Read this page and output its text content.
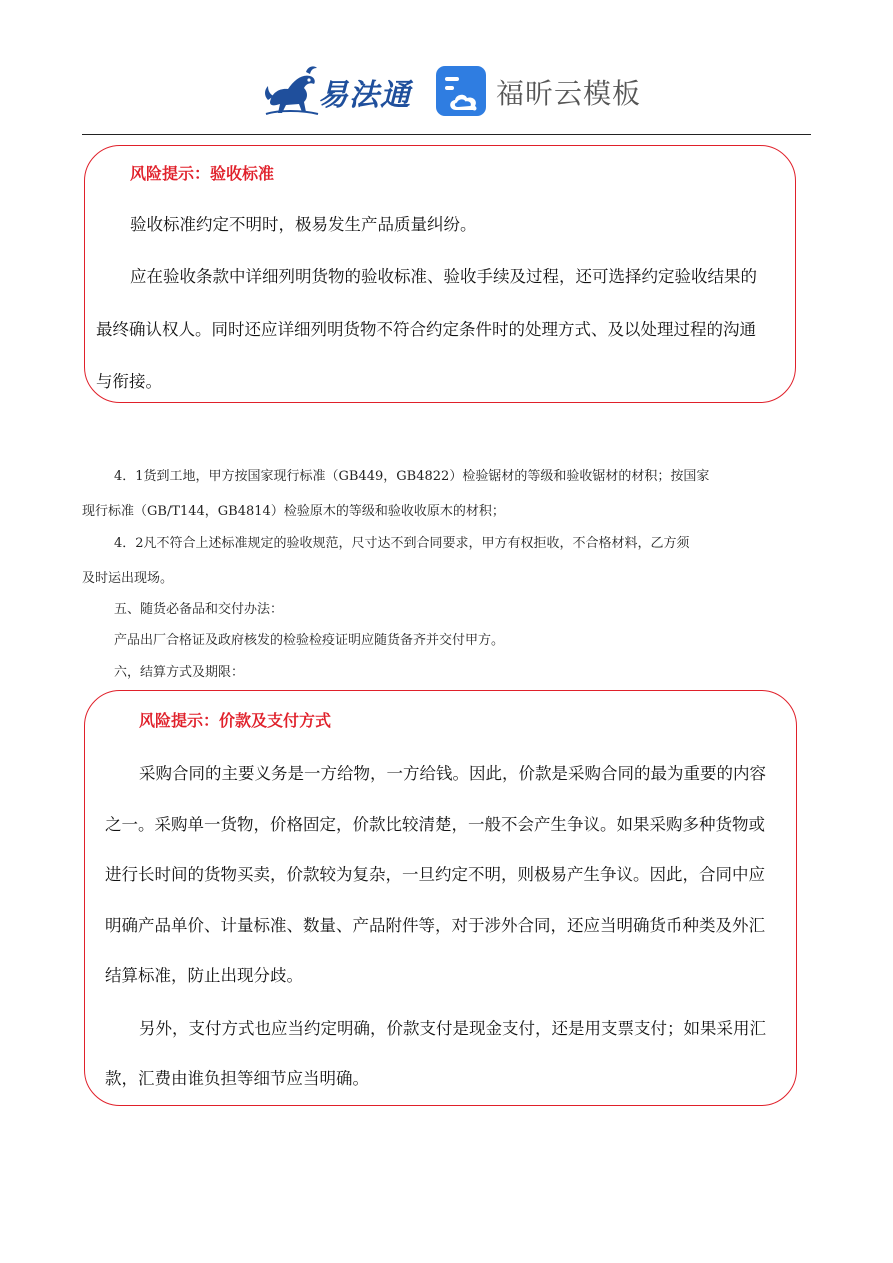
易法通	福昕云模板
风险提示：验收标准
验收标准约定不明时，极易发生产品质量纠纷。
应在验收条款中详细列明货物的验收标准、验收手续及过程，还可选择约定验收结果的
最终确认权人。同时还应详细列明货物不符合约定条件时的处理方式、及以处理过程的沟通
与衔接。
4．1货到工地，甲方按国家现行标准（GB449，GB4822）检验锯材的等级和验收锯材的材积；按国家
现行标准（GB/T144，GB4814）检验原木的等级和验收收原木的材积；
4．2凡不符合上述标准规定的验收规范，尺寸达不到合同要求，甲方有权拒收，不合格材料，乙方须
及时运出现场。
五、随货必备品和交付办法：
产品出厂合格证及政府核发的检验检疫证明应随货备齐并交付甲方。
六，结算方式及期限：
风险提示：价款及支付方式
采购合同的主要义务是一方给物，一方给钱。因此，价款是采购合同的最为重要的内容
之一。采购单一货物，价格固定，价款比较清楚，一般不会产生争议。如果采购多种货物或
进行长时间的货物买卖，价款较为复杂，一旦约定不明，则极易产生争议。因此，合同中应
明确产品单价、计量标准、数量、产品附件等，对于涉外合同，还应当明确货币种类及外汇
结算标准，防止出现分歧。
另外，支付方式也应当约定明确，价款支付是现金支付，还是用支票支付；如果采用汇
款，汇费由谁负担等细节应当明确。
